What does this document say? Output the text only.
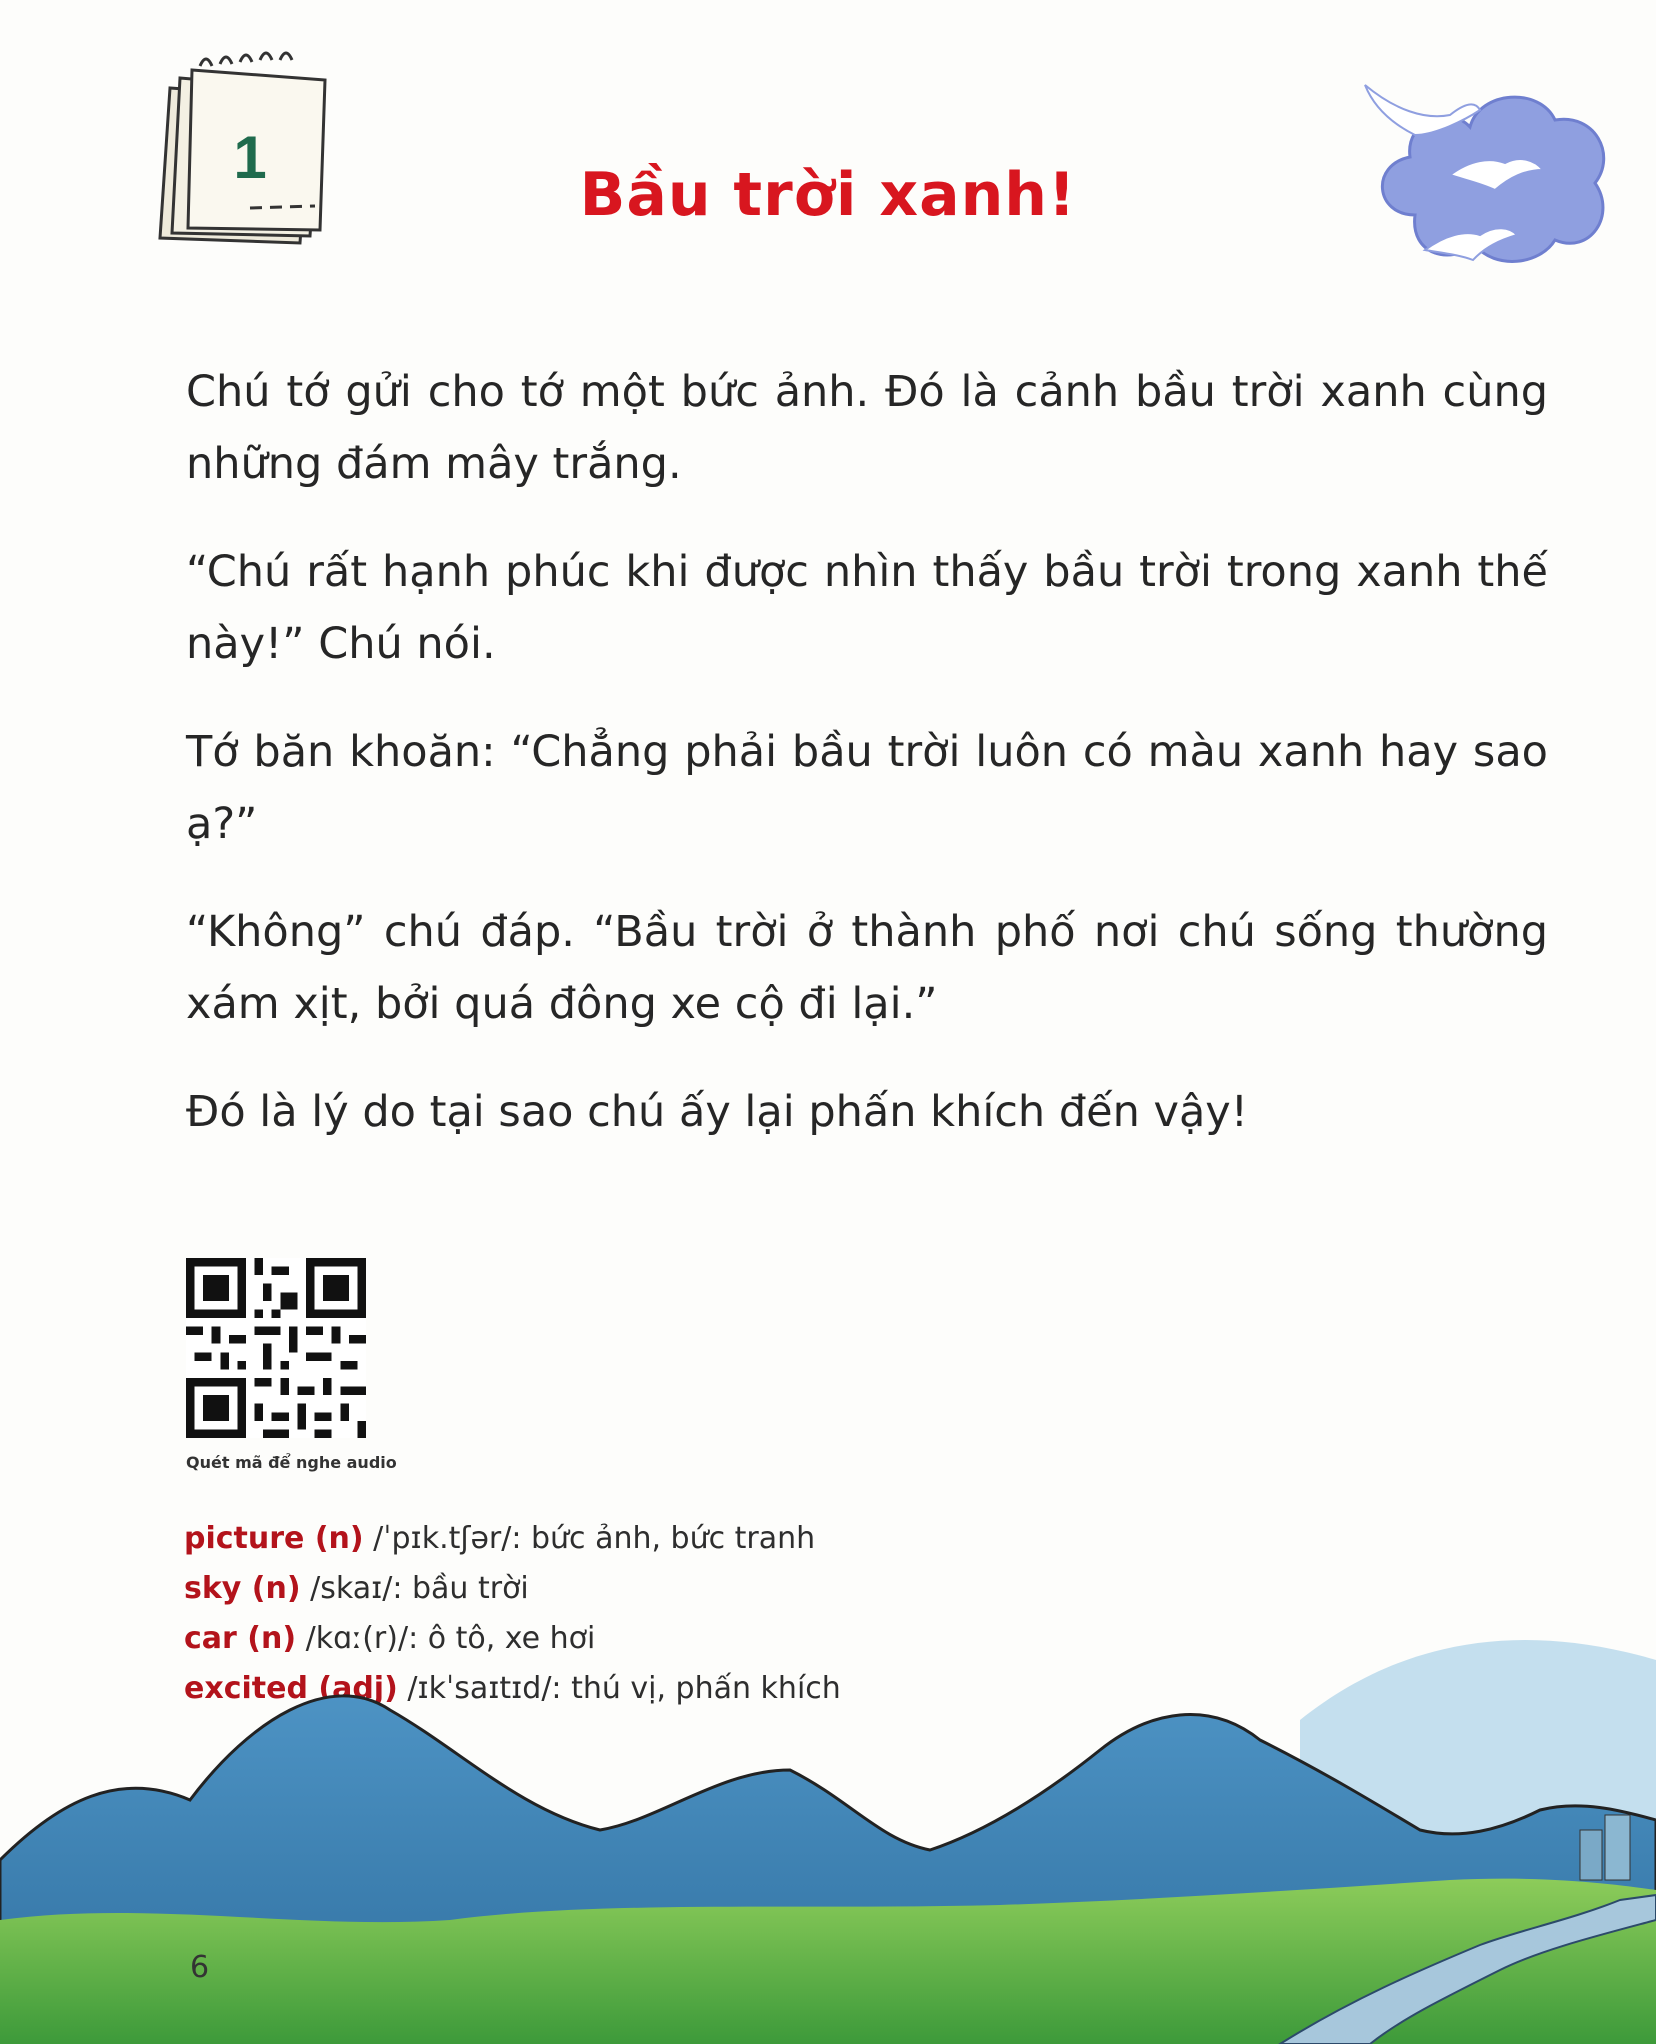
1
Bầu trời xanh!

Chú tớ gửi cho tớ một bức ảnh. Đó là cảnh bầu trời xanh cùng những đám mây trắng.

“Chú rất hạnh phúc khi được nhìn thấy bầu trời trong xanh thế này!” Chú nói.

Tớ băn khoăn: “Chẳng phải bầu trời luôn có màu xanh hay sao ạ?”

“Không” chú đáp. “Bầu trời ở thành phố nơi chú sống thường xám xịt, bởi quá đông xe cộ đi lại.”

Đó là lý do tại sao chú ấy lại phấn khích đến vậy!

Quét mã để nghe audio
picture (n) /ˈpɪk.tʃər/: bức ảnh, bức tranh
sky (n) /skaɪ/: bầu trời
car (n) /kɑː(r)/: ô tô, xe hơi
excited (adj) /ɪkˈsaɪtɪd/: thú vị, phấn khích
6
